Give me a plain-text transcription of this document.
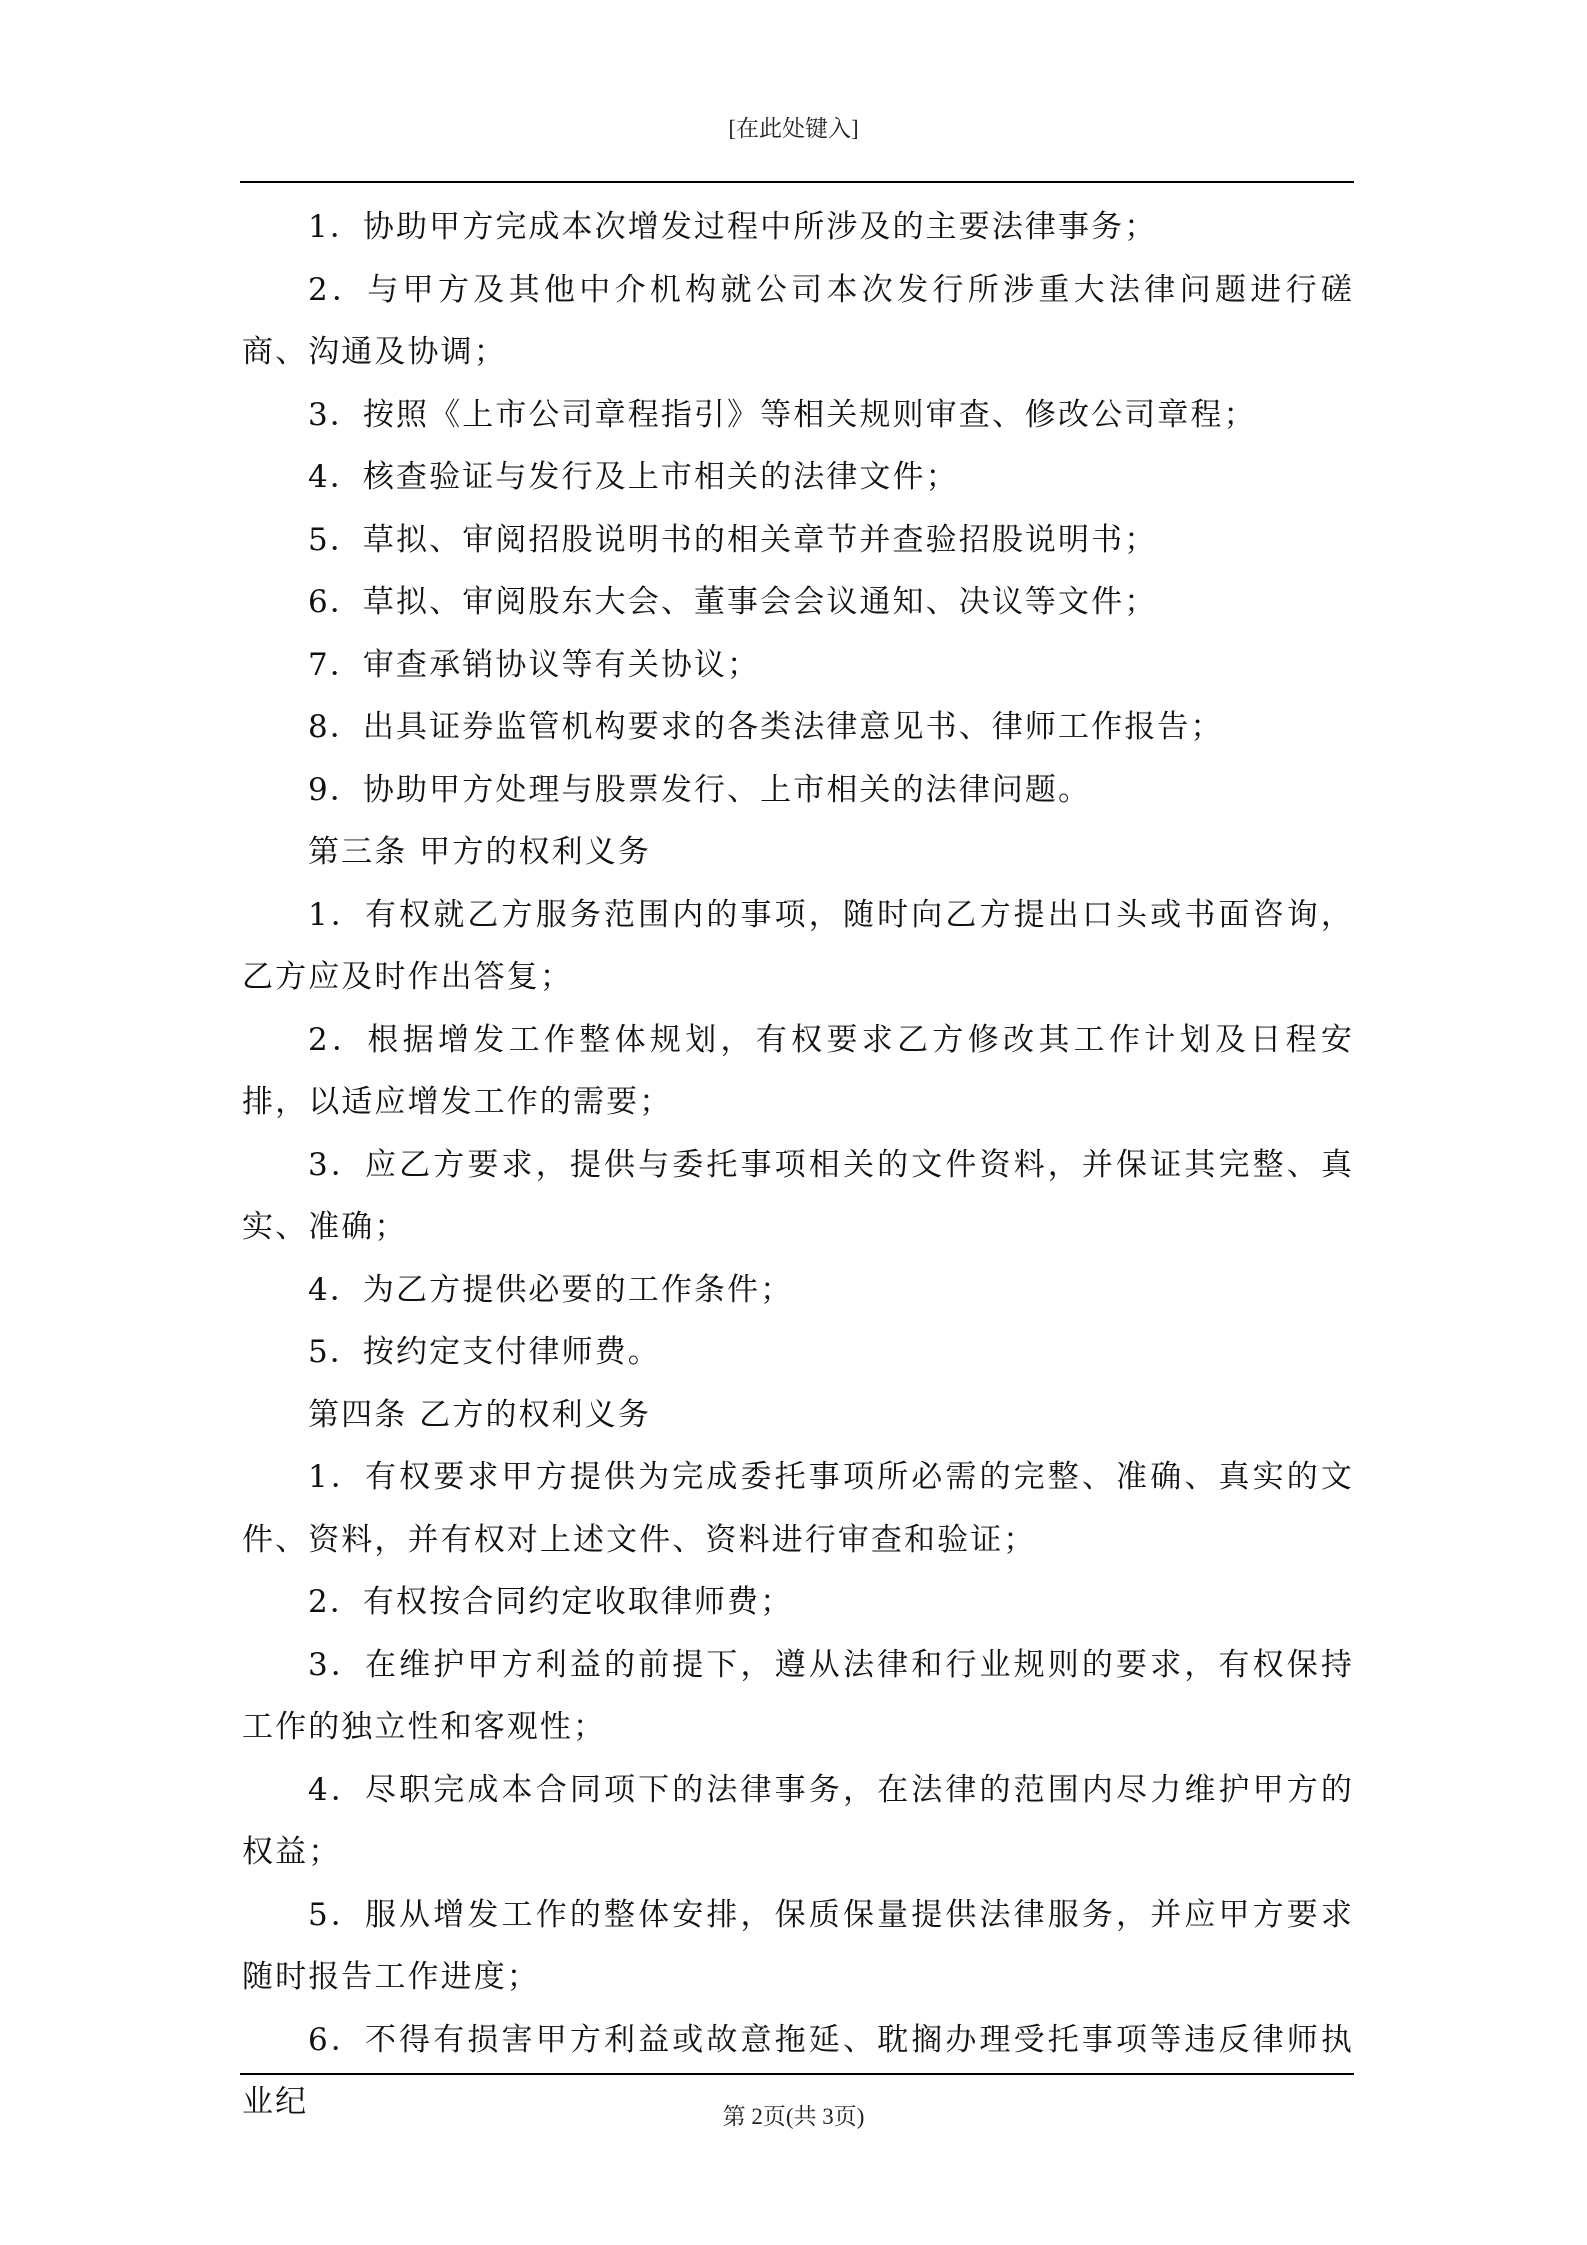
[在此处键入]

1．协助甲方完成本次增发过程中所涉及的主要法律事务；

2．与甲方及其他中介机构就公司本次发行所涉重大法律问题进行磋商、沟通及协调；

3．按照《上市公司章程指引》等相关规则审查、修改公司章程；

4．核查验证与发行及上市相关的法律文件；

5．草拟、审阅招股说明书的相关章节并查验招股说明书；

6．草拟、审阅股东大会、董事会会议通知、决议等文件；

7．审查承销协议等有关协议；

8．出具证券监管机构要求的各类法律意见书、律师工作报告；

9．协助甲方处理与股票发行、上市相关的法律问题。

第三条 甲方的权利义务

1．有权就乙方服务范围内的事项，随时向乙方提出口头或书面咨询，乙方应及时作出答复；

2．根据增发工作整体规划，有权要求乙方修改其工作计划及日程安排，以适应增发工作的需要；

3．应乙方要求，提供与委托事项相关的文件资料，并保证其完整、真实、准确；

4．为乙方提供必要的工作条件；

5．按约定支付律师费。

第四条 乙方的权利义务

1．有权要求甲方提供为完成委托事项所必需的完整、准确、真实的文件、资料，并有权对上述文件、资料进行审查和验证；

2．有权按合同约定收取律师费；

3．在维护甲方利益的前提下，遵从法律和行业规则的要求，有权保持工作的独立性和客观性；

4．尽职完成本合同项下的法律事务，在法律的范围内尽力维护甲方的权益；

5．服从增发工作的整体安排，保质保量提供法律服务，并应甲方要求随时报告工作进度；

6．不得有损害甲方利益或故意拖延、耽搁办理受托事项等违反律师执业纪	第 2页(共 3页)
